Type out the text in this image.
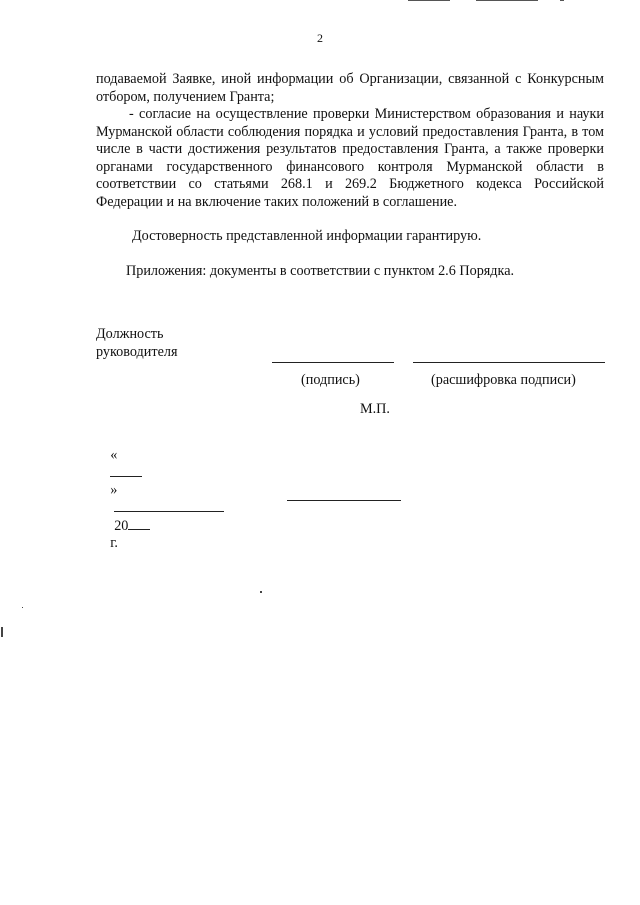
2

подаваемой Заявке, иной информации об Организации, связанной с Конкурсным отбором, получением Гранта;

- согласие на осуществление проверки Министерством образования и науки Мурманской области соблюдения порядка и условий предоставления Гранта, в том числе в части достижения результатов предоставления Гранта, а также проверки органами государственного финансового контроля Мурманской области в соответствии со статьями 268.1 и 269.2 Бюджетного кодекса Российской Федерации и на включение таких положений в соглашение.

Достоверность представленной информации гарантирую.
Приложения: документы в соответствии с пунктом 2.6 Порядка.
Должность
руководителя
(подпись)	(расшифровка подписи)
М.П.

«

»

20
г.
